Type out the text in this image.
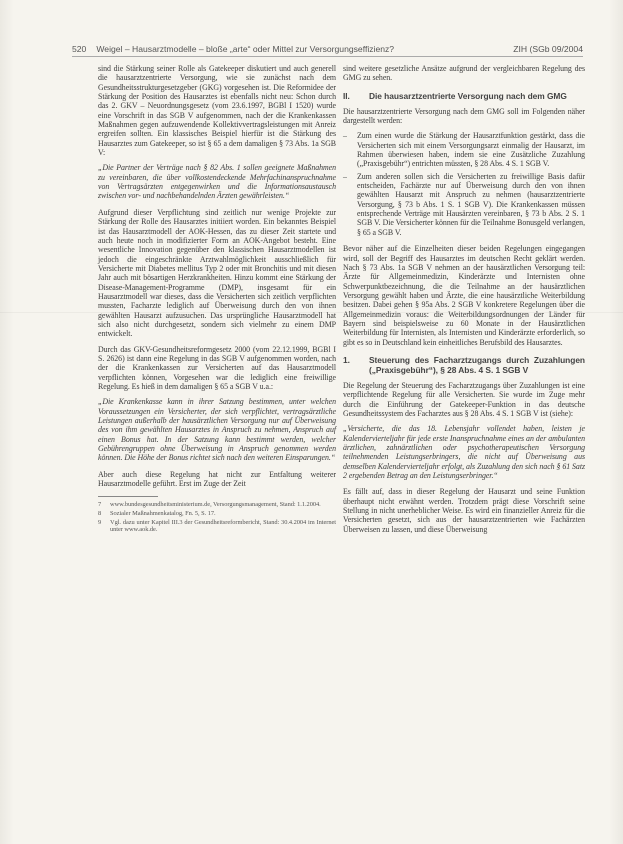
520 Weigel – Hausarztmodelle – bloße „arte“ oder Mittel zur Versorgungseffizienz?	ZIH (SGb 09/2004

sind die Stärkung seiner Rolle als Gatekeeper diskutiert und auch generell die hausarztzentrierte Versorgung, wie sie zunächst nach dem Gesundheitsstrukturgesetzgeber (GKG) vorgesehen ist. Die Reformidee der Stärkung der Position des Hausarztes ist ebenfalls nicht neu: Schon durch das 2. GKV – Neuordnungsgesetz (vom 23.6.1997, BGBl I 1520) wurde eine Vorschrift in das SGB V aufgenommen, nach der die Krankenkassen Maßnahmen gegen aufzuwendende Kollektivvertragsleistungen mit Anreiz ergreifen sollten. Ein klassisches Beispiel hierfür ist die Stärkung des Hausarztes zum Gatekeeper, so ist § 65 a dem damaligen § 73 Abs. 1a SGB V:

„Die Partner der Verträge nach § 82 Abs. 1 sollen geeignete Maßnahmen zu vereinbaren, die über vollkostendeckende Mehrfachinanspruchnahme von Vertragsärzten entgegenwirken und die Informationsaustausch zwischen vor- und nachbehandelnden Ärzten gewährleisten.“

Aufgrund dieser Verpflichtung sind zeitlich nur wenige Projekte zur Stärkung der Rolle des Hausarztes initiiert worden. Ein bekanntes Beispiel ist das Hausarztmodell der AOK-Hessen, das zu dieser Zeit startete und auch heute noch in modifizierter Form an AOK-Angebot besteht. Eine wesentliche Innovation gegenüber den klassischen Hausarztmodellen ist jedoch die eingeschränkte Arztwahlmöglichkeit ausschließlich für Versicherte mit Diabetes mellitus Typ 2 oder mit Bronchitis und mit diesen Jahr auch mit bösartigen Herzkrankheiten. Hinzu kommt eine Stärkung der Disease-Management-Programme (DMP), insgesamt für ein Hausarztmodell war dieses, dass die Versicherten sich zeitlich verpflichten mussten, Facharzte lediglich auf Überweisung durch den von ihnen gewählten Hausarzt aufzusuchen. Das ursprüngliche Hausarztmodell hat sich also nicht durchgesetzt, sondern sich vielmehr zu einem DMP entwickelt.

Durch das GKV-Gesundheitsreformgesetz 2000 (vom 22.12.1999, BGBl I S. 2626) ist dann eine Regelung in das SGB V aufgenommen worden, nach der die Krankenkassen zur Versicherten auf das Hausarztmodell verpflichten können, Vorgesehen war die lediglich eine freiwillige Regelung. Es hieß in dem damaligen § 65 a SGB V u.a.:

„Die Krankenkasse kann in ihrer Satzung bestimmen, unter welchen Voraussetzungen ein Versicherter, der sich verpflichtet, vertragsärztliche Leistungen außerhalb der hausärztlichen Versorgung nur auf Überweisung des von ihm gewählten Hausarztes in Anspruch zu nehmen, Anspruch auf einen Bonus hat. In der Satzung kann bestimmt werden, welcher Gebührengruppen ohne Überweisung in Anspruch genommen werden können. Die Höhe der Bonus richtet sich nach den weiteren Einsparungen.“

Aber auch diese Regelung hat nicht zur Entfaltung weiterer Hausarztmodelle geführt. Erst im Zuge der Zeit

7	www.bundesgesundheitsministerium.de, Versorgungsmanagement, Stand: 1.1.2004.
8	Sozialer Maßnahmenkatalog, Fn. 5, S. 17.
9	Vgl. dazu unter Kapitel III.3 der Gesundheitsreformbericht, Stand: 30.4.2004 im Internet unter www.aok.de.

sind weitere gesetzliche Ansätze aufgrund der vergleichbaren Regelung des GMG zu sehen.

II.	Die hausarztzentrierte Versorgung nach dem GMG

Die hausarztzentrierte Versorgung nach dem GMG soll im Folgenden näher dargestellt werden:

–	Zum einen wurde die Stärkung der Hausarztfunktion gestärkt, dass die Versicherten sich mit einem Versorgungsarzt einmalig der Hausarzt, im Rahmen überwiesen haben, indem sie eine Zusätzliche Zuzahlung („Praxisgebühr“) entrichten müssten, § 28 Abs. 4 S. 1 SGB V.
–	Zum anderen sollen sich die Versicherten zu freiwillige Basis dafür entscheiden, Fachärzte nur auf Überweisung durch den von ihnen gewählten Hausarzt mit Anspruch zu nehmen (hausarztzentrierte Versorgung, § 73 b Abs. 1 S. 1 SGB V). Die Krankenkassen müssen entsprechende Verträge mit Hausärzten vereinbaren, § 73 b Abs. 2 S. 1 SGB V. Die Versicherter können für die Teilnahme Bonusgeld verlangen, § 65 a SGB V.

Bevor näher auf die Einzelheiten dieser beiden Regelungen eingegangen wird, soll der Begriff des Hausarztes im deutschen Recht geklärt werden. Nach § 73 Abs. 1a SGB V nehmen an der hausärztlichen Versorgung teil: Ärzte für Allgemeinmedizin, Kinderärzte und Internisten ohne Schwerpunktbezeichnung, die die Teilnahme an der hausärztlichen Versorgung gewählt haben und Ärzte, die eine hausärztliche Weiterbildung besitzen. Dabei gehen § 95a Abs. 2 SGB V konkretere Regelungen über die Allgemeinmedizin voraus: die Weiterbildungsordnungen der Länder für Bayern sind beispielsweise zu 60 Monate in der Hausärztlichen Weiterbildung für Internisten, als Internisten und Kinderärzte erforderlich, so gibt es so in Deutschland kein einheitliches Berufsbild des Hausarztes.

1.	Steuerung des Facharztzugangs durch Zuzahlungen („Praxisgebühr“), § 28 Abs. 4 S. 1 SGB V

Die Regelung der Steuerung des Facharztzugangs über Zuzahlungen ist eine verpflichtende Regelung für alle Versicherten. Sie wurde im Zuge mehr durch die Einführung der Gatekeeper-Funktion in das deutsche Gesundheitssystem des Facharztes aus § 28 Abs. 4 S. 1 SGB V ist (siehe):

„Versicherte, die das 18. Lebensjahr vollendet haben, leisten je Kalendervierteljahr für jede erste Inanspruchnahme eines an der ambulanten ärztlichen, zahnärztlichen oder psychotherapeutischen Versorgung teilnehmenden Leistungserbringers, die nicht auf Überweisung aus demselben Kalendervierteljahr erfolgt, als Zuzahlung den sich nach § 61 Satz 2 ergebenden Betrag an den Leistungserbringer.“

Es fällt auf, dass in dieser Regelung der Hausarzt und seine Funktion überhaupt nicht erwähnt werden. Trotzdem prägt diese Vorschrift seine Stellung in nicht unerheblicher Weise. Es wird ein finanzieller Anreiz für die Versicherten gesetzt, sich aus der hausarztzentrierten wie Fachärzten Überweisen zu lassen, und diese Überweisung
